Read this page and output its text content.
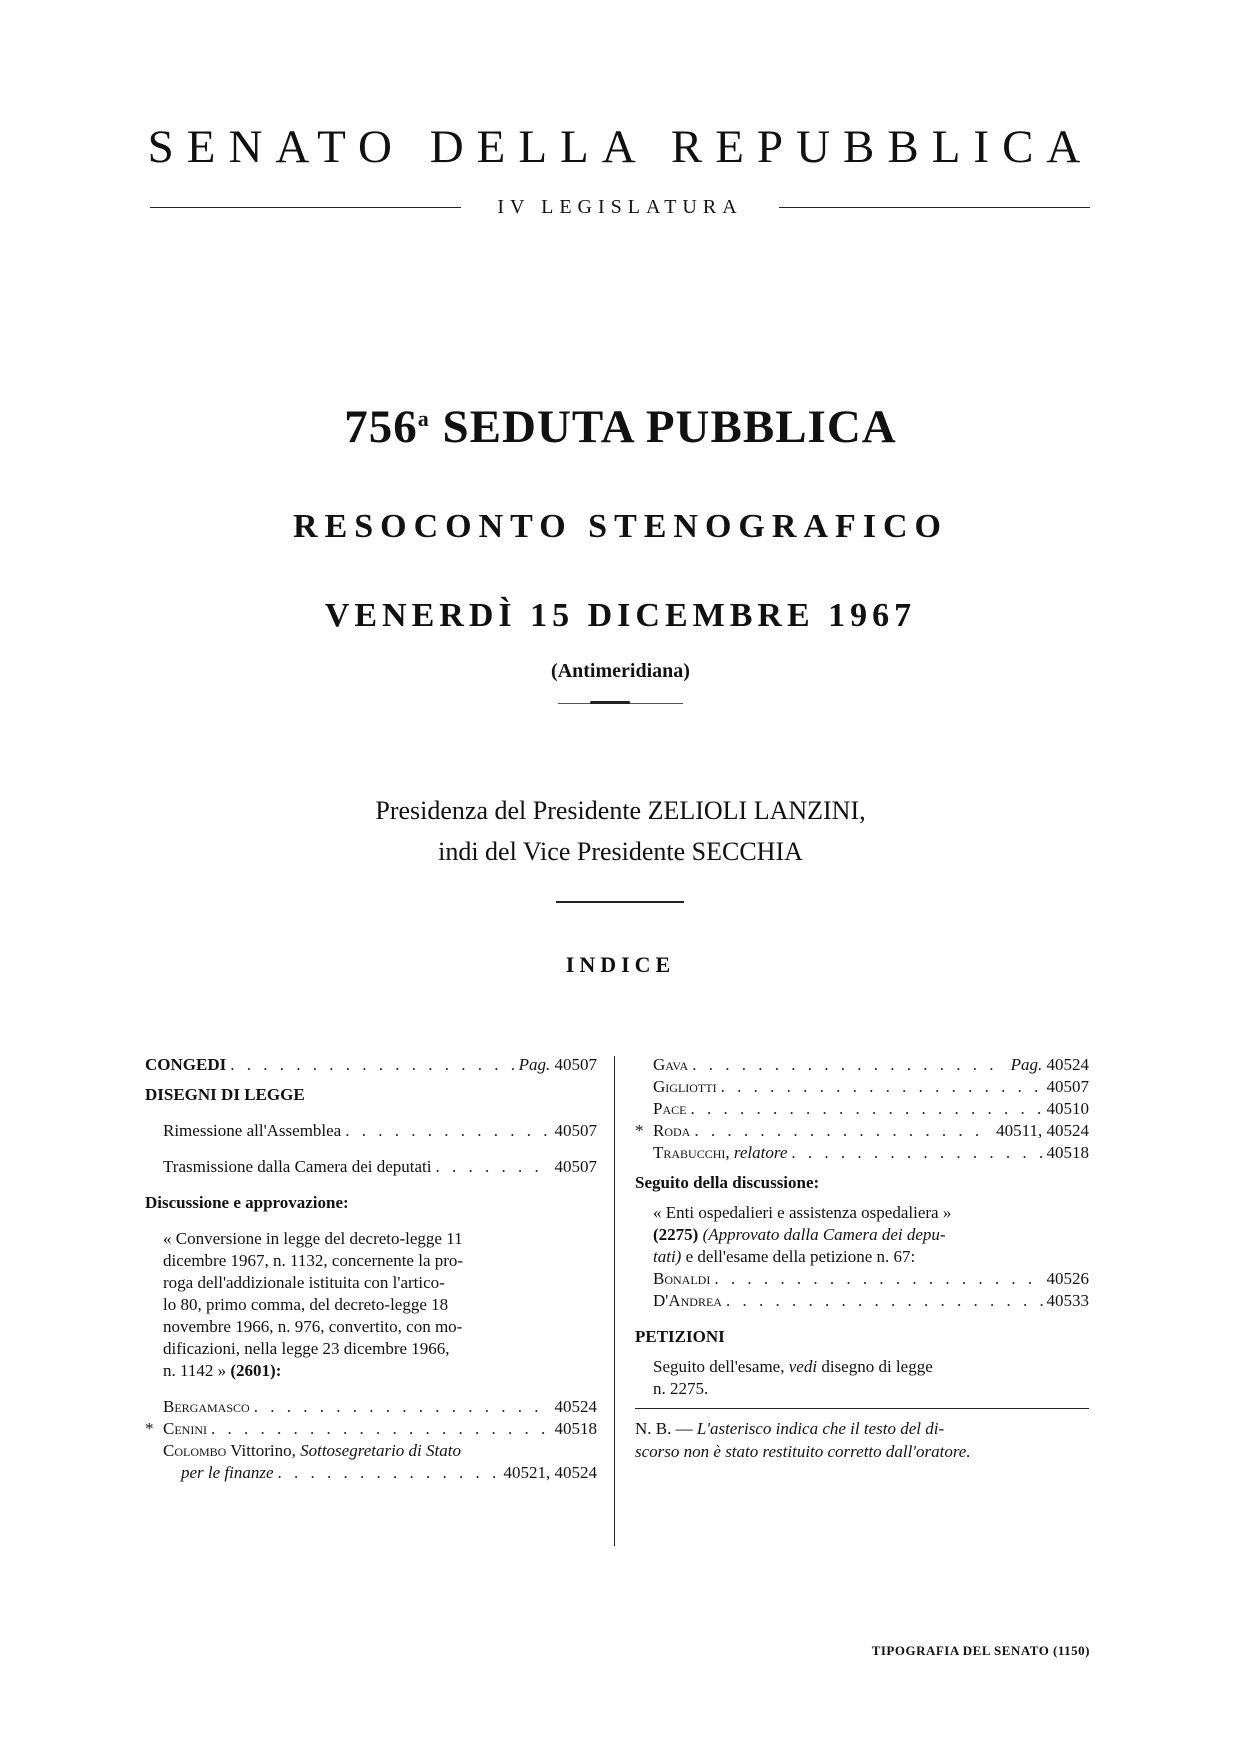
SENATO DELLA REPUBBLICA
IV LEGISLATURA
756$^a$ SEDUTA PUBBLICA
RESOCONTO STENOGRAFICO
VENERDÌ 15 DICEMBRE 1967
(Antimeridiana)
Presidenza del Presidente ZELIOLI LANZINI,
indi del Vice Presidente SECCHIA
INDICE
CONGEDI . . .	Pag. 40507
DISEGNI DI LEGGE
Rimessione all'Assemblea . . .	40507
Trasmissione dalla Camera dei deputati . . .	40507
Discussione e approvazione:
« Conversione in legge del decreto-legge 11
dicembre 1967, n. 1132, concernente la pro-
roga dell'addizionale istituita con l'artico-
lo 80, primo comma, del decreto-legge 18
novembre 1966, n. 976, convertito, con mo-
dificazioni, nella legge 23 dicembre 1966,
n. 1142 » (2601):
Bergamasco . . .	40524
* Cenini . . .	40518
Colombo Vittorino, Sottosegretario di Stato
per le finanze . . .	40521, 40524
Gava . . .	Pag. 40524
Gigliotti . . .	40507
Pace . . .	40510
* Roda . . .	40511, 40524
Trabucchi, relatore . . .	40518
Seguito della discussione:
« Enti ospedalieri e assistenza ospedaliera »
(2275) (Approvato dalla Camera dei depu-
tati) e dell'esame della petizione n. 67:
Bonaldi . . .	40526
D'Andrea . . .	40533
PETIZIONI
Seguito dell'esame, vedi disegno di legge
n. 2275.
N. B. — L'asterisco indica che il testo del di-
scorso non è stato restituito corretto dall'oratore.
TIPOGRAFIA DEL SENATO (1150)
